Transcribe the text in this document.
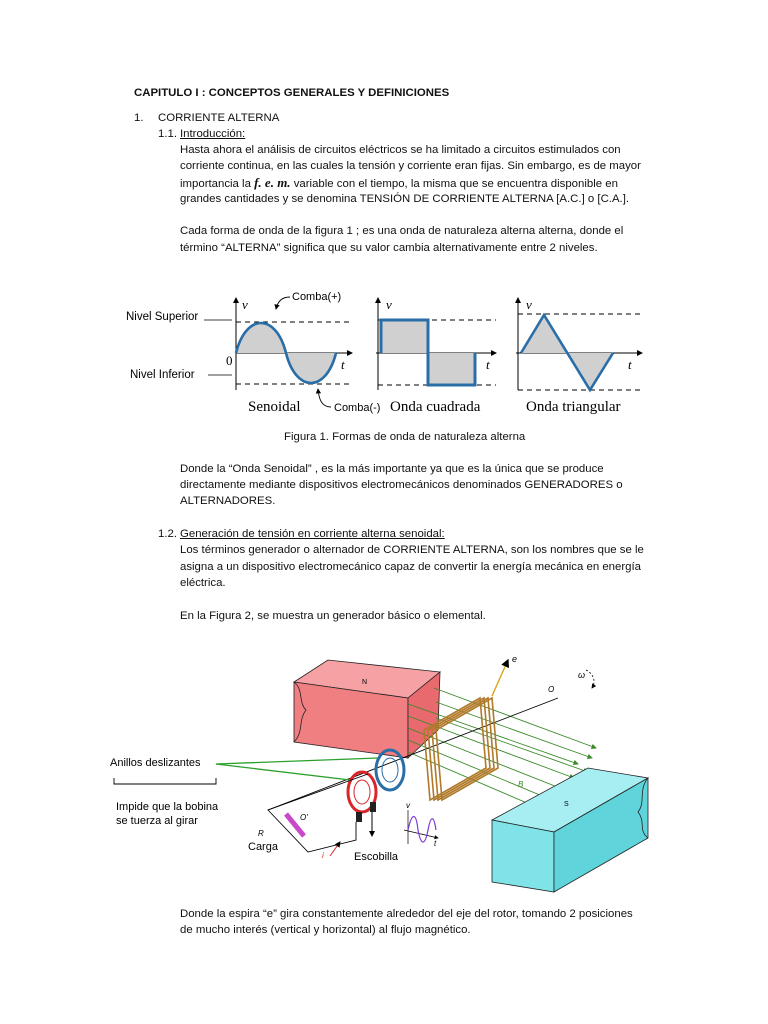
CAPITULO I : CONCEPTOS GENERALES Y DEFINICIONES
1. CORRIENTE ALTERNA
1.1. Introducción:
Hasta ahora el análisis de circuitos eléctricos se ha limitado a circuitos estimulados con
corriente continua, en las cuales la tensión y corriente eran fijas. Sin embargo, es de mayor
importancia la f. e. m. variable con el tiempo, la misma que se encuentra disponible en
grandes cantidades y se denomina TENSIÓN DE CORRIENTE ALTERNA [A.C.] o [C.A.].
Cada forma de onda de la figura 1 ; es una onda de naturaleza alterna alterna, donde el
término “ALTERNA” significa que su valor cambia alternativamente entre 2 niveles.
Nivel Superior
Nivel Inferior
v
t
0
Comba(+)
Comba(-)
Senoidal
v
t
Onda cuadrada
v
t
Onda triangular
Figura 1. Formas de onda de naturaleza alterna
Donde la “Onda Senoidal” , es la más importante ya que es la única que se produce
directamente mediante dispositivos electromecánicos denominados GENERADORES o
ALTERNADORES.
1.2. Generación de tensión en corriente alterna senoidal:
Los términos generador o alternador de CORRIENTE ALTERNA, son los nombres que se le
asigna a un dispositivo electromecánico capaz de convertir la energía mecánica en energía
eléctrica.
En la Figura 2, se muestra un generador básico o elemental.
N
B
O
O'
ω
e
Escobilla
R
Carga
i
v
t
S
Anillos deslizantes
Impide que la bobina
se tuerza al girar
Donde la espira “e” gira constantemente alrededor del eje del rotor, tomando 2 posiciones
de mucho interés (vertical y horizontal) al flujo magnético.
